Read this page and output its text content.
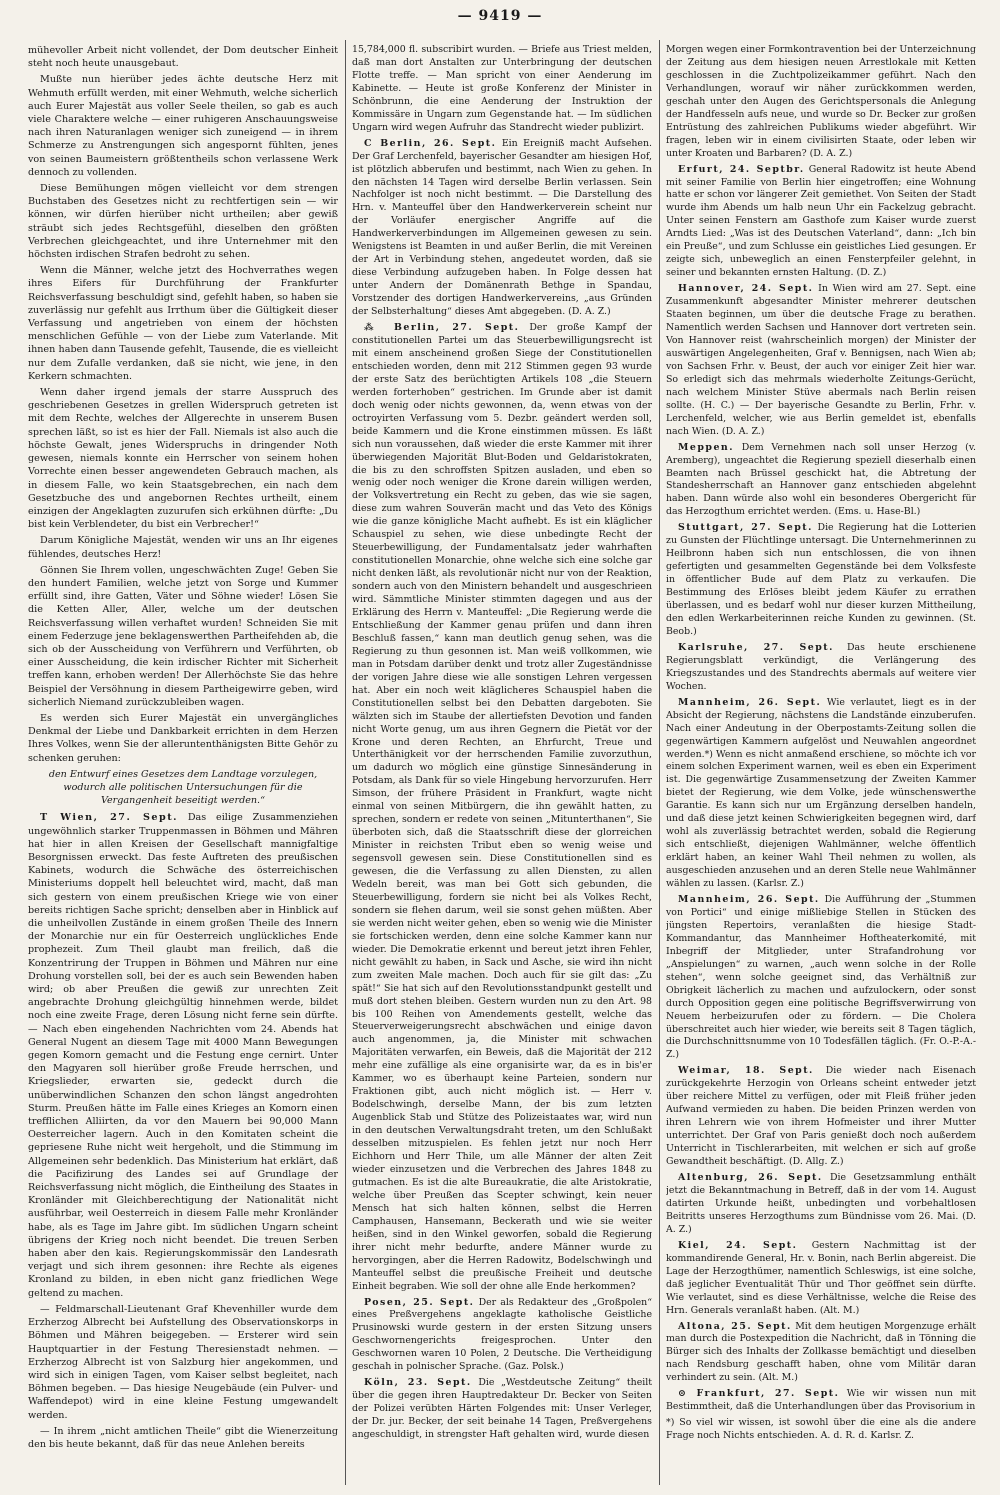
— 9419 —

mühevoller Arbeit nicht vollendet, der Dom deutscher Einheit steht noch heute unausgebaut.

Mußte nun hierüber jedes ächte deutsche Herz mit Wehmuth erfüllt werden, mit einer Wehmuth, welche sicherlich auch Eurer Majestät aus voller Seele theilen, so gab es auch viele Charaktere welche — einer ruhigeren Anschauungsweise nach ihren Naturanlagen weniger sich zuneigend — in ihrem Schmerze zu Anstrengungen sich angespornt fühlten, jenes von seinen Baumeistern größtentheils schon verlassene Werk dennoch zu vollenden.

Diese Bemühungen mögen vielleicht vor dem strengen Buchstaben des Gesetzes nicht zu rechtfertigen sein — wir können, wir dürfen hierüber nicht urtheilen; aber gewiß sträubt sich jedes Rechtsgefühl, dieselben den größten Verbrechen gleichgeachtet, und ihre Unternehmer mit den höchsten irdischen Strafen bedroht zu sehen.

Wenn die Männer, welche jetzt des Hochverrathes wegen ihres Eifers für Durchführung der Frankfurter Reichsverfassung beschuldigt sind, gefehlt haben, so haben sie zuverlässig nur gefehlt aus Irrthum über die Gültigkeit dieser Verfassung und angetrieben von einem der höchsten menschlichen Gefühle — von der Liebe zum Vaterlande. Mit ihnen haben dann Tausende gefehlt, Tausende, die es vielleicht nur dem Zufalle verdanken, daß sie nicht, wie jene, in den Kerkern schmachten.

Wenn daher irgend jemals der starre Ausspruch des geschriebenen Gesetzes in grellen Widerspruch getreten ist mit dem Rechte, welches der Allgerechte in unserem Busen sprechen läßt, so ist es hier der Fall. Niemals ist also auch die höchste Gewalt, jenes Widerspruchs in dringender Noth gewesen, niemals konnte ein Herrscher von seinem hohen Vorrechte einen besser angewendeten Gebrauch machen, als in diesem Falle, wo kein Staatsgebrechen, ein nach dem Gesetzbuche des und angebornen Rechtes urtheilt, einem einzigen der Angeklagten zuzurufen sich erkühnen dürfte: „Du bist kein Verblendeter, du bist ein Verbrecher!“

Darum Königliche Majestät, wenden wir uns an Ihr eigenes fühlendes, deutsches Herz!

Gönnen Sie Ihrem vollen, ungeschwächten Zuge! Geben Sie den hundert Familien, welche jetzt von Sorge und Kummer erfüllt sind, ihre Gatten, Väter und Söhne wieder! Lösen Sie die Ketten Aller, Aller, welche um der deutschen Reichsverfassung willen verhaftet wurden! Schneiden Sie mit einem Federzuge jene beklagenswerthen Partheifehden ab, die sich ob der Ausscheidung von Verführern und Verführten, ob einer Ausscheidung, die kein irdischer Richter mit Sicherheit treffen kann, erhoben werden! Der Allerhöchste Sie das hehre Beispiel der Versöhnung in diesem Partheigewirre geben, wird sicherlich Niemand zurückzubleiben wagen.

Es werden sich Eurer Majestät ein unvergängliches Denkmal der Liebe und Dankbarkeit errichten in dem Herzen Ihres Volkes, wenn Sie der alleruntenthänigsten Bitte Gehör zu schenken geruhen:

den Entwurf eines Gesetzes dem Landtage vorzulegen, wodurch alle politischen Untersuchungen für die Vergangenheit beseitigt werden.“

T Wien, 27. Sept. Das eilige Zusammenziehen ungewöhnlich starker Truppenmassen in Böhmen und Mähren hat hier in allen Kreisen der Gesellschaft mannigfaltige Besorgnissen erweckt. Das feste Auftreten des preußischen Kabinets, wodurch die Schwäche des österreichischen Ministeriums doppelt hell beleuchtet wird, macht, daß man sich gestern von einem preußischen Kriege wie von einer bereits richtigen Sache spricht; denselben aber in Hinblick auf die unheilvollen Zustände in einem großen Theile des Innern der Monarchie nur ein für Oesterreich unglückliches Ende prophezeit. Zum Theil glaubt man freilich, daß die Konzentrirung der Truppen in Böhmen und Mähren nur eine Drohung vorstellen soll, bei der es auch sein Bewenden haben wird; ob aber Preußen die gewiß zur unrechten Zeit angebrachte Drohung gleichgültig hinnehmen werde, bildet noch eine zweite Frage, deren Lösung nicht ferne sein dürfte. — Nach eben eingehenden Nachrichten vom 24. Abends hat General Nugent an diesem Tage mit 4000 Mann Bewegungen gegen Komorn gemacht und die Festung enge cernirt. Unter den Magyaren soll hierüber große Freude herrschen, und Kriegslieder, erwarten sie, gedeckt durch die unüberwindlichen Schanzen den schon längst angedrohten Sturm. Preußen hätte im Falle eines Krieges an Komorn einen trefflichen Alliirten, da vor den Mauern bei 90,000 Mann Oesterreicher lagern. Auch in den Komitaten scheint die gepriesene Ruhe nicht weit hergeholt, und die Stimmung im Allgemeinen sehr bedenklich. Das Ministerium hat erklärt, daß die Pacifizirung des Landes sei auf Grundlage der Reichsverfassung nicht möglich, die Eintheilung des Staates in Kronländer mit Gleichberechtigung der Nationalität nicht ausführbar, weil Oesterreich in diesem Falle mehr Kronländer habe, als es Tage im Jahre gibt. Im südlichen Ungarn scheint übrigens der Krieg noch nicht beendet. Die treuen Serben haben aber den kais. Regierungskommissär den Landesrath verjagt und sich ihrem gesonnen: ihre Rechte als eigenes Kronland zu bilden, in eben nicht ganz friedlichen Wege geltend zu machen.

— Feldmarschall-Lieutenant Graf Khevenhiller wurde dem Erzherzog Albrecht bei Aufstellung des Observationskorps in Böhmen und Mähren beigegeben. — Ersterer wird sein Hauptquartier in der Festung Theresienstadt nehmen. — Erzherzog Albrecht ist von Salzburg hier angekommen, und wird sich in einigen Tagen, vom Kaiser selbst begleitet, nach Böhmen begeben. — Das hiesige Neugebäude (ein Pulver- und Waffendepot) wird in eine kleine Festung umgewandelt werden.

— In ihrem „nicht amtlichen Theile“ gibt die Wienerzeitung den bis heute bekannt, daß für das neue Anlehen bereits

15,784,000 fl. subscribirt wurden. — Briefe aus Triest melden, daß man dort Anstalten zur Unterbringung der deutschen Flotte treffe. — Man spricht von einer Aenderung im Kabinette. — Heute ist große Konferenz der Minister in Schönbrunn, die eine Aenderung der Instruktion der Kommissäre in Ungarn zum Gegenstande hat. — Im südlichen Ungarn wird wegen Aufruhr das Standrecht wieder publizirt.

C Berlin, 26. Sept. Ein Ereigniß macht Aufsehen. Der Graf Lerchenfeld, bayerischer Gesandter am hiesigen Hof, ist plötzlich abberufen und bestimmt, nach Wien zu gehen. In den nächsten 14 Tagen wird derselbe Berlin verlassen. Sein Nachfolger ist noch nicht bestimmt. — Die Darstellung des Hrn. v. Manteuffel über den Handwerkerverein scheint nur der Vorläufer energischer Angriffe auf die Handwerkerverbindungen im Allgemeinen gewesen zu sein. Wenigstens ist Beamten in und außer Berlin, die mit Vereinen der Art in Verbindung stehen, angedeutet worden, daß sie diese Verbindung aufzugeben haben. In Folge dessen hat unter Andern der Domänenrath Bethge in Spandau, Vorstzender des dortigen Handwerkervereins, „aus Gründen der Selbsterhaltung“ dieses Amt abgegeben. (D. A. Z.)

⁂ Berlin, 27. Sept. Der große Kampf der constitutionellen Partei um das Steuerbewilligungsrecht ist mit einem anscheinend großen Siege der Constitutionellen entschieden worden, denn mit 212 Stimmen gegen 93 wurde der erste Satz des berüchtigten Artikels 108 „die Steuern werden forterhoben“ gestrichen. Im Grunde aber ist damit doch wenig oder nichts gewonnen, da, wenn etwas von der octroyirten Verfassung vom 5. Dezbr. geändert werden soll, beide Kammern und die Krone einstimmen müssen. Es läßt sich nun voraussehen, daß wieder die erste Kammer mit ihrer überwiegenden Majorität Blut-Boden und Geldaristokraten, die bis zu den schroffsten Spitzen ausladen, und eben so wenig oder noch weniger die Krone darein willigen werden, der Volksvertretung ein Recht zu geben, das wie sie sagen, diese zum wahren Souverän macht und das Veto des Königs wie die ganze königliche Macht aufhebt. Es ist ein kläglicher Schauspiel zu sehen, wie diese unbedingte Recht der Steuerbewilligung, der Fundamentalsatz jeder wahrhaften constitutionellen Monarchie, ohne welche sich eine solche gar nicht denken läßt, als revolutionär nicht nur von der Reaktion, sondern auch von den Ministern behandelt und ausgeschrieen wird. Sämmtliche Minister stimmten dagegen und aus der Erklärung des Herrn v. Manteuffel: „Die Regierung werde die Entschließung der Kammer genau prüfen und dann ihren Beschluß fassen,“ kann man deutlich genug sehen, was die Regierung zu thun gesonnen ist. Man weiß vollkommen, wie man in Potsdam darüber denkt und trotz aller Zugeständnisse der vorigen Jahre diese wie alle sonstigen Lehren vergessen hat. Aber ein noch weit kläglicheres Schauspiel haben die Constitutionellen selbst bei den Debatten dargeboten. Sie wälzten sich im Staube der allertiefsten Devotion und fanden nicht Worte genug, um aus ihren Gegnern die Pietät vor der Krone und deren Rechten, an Ehrfurcht, Treue und Unterthänigkeit vor der herrschenden Familie zuvorzuthun, um dadurch wo möglich eine günstige Sinnesänderung in Potsdam, als Dank für so viele Hingebung hervorzurufen. Herr Simson, der frühere Präsident in Frankfurt, wagte nicht einmal von seinen Mitbürgern, die ihn gewählt hatten, zu sprechen, sondern er redete von seinen „Mitunterthanen“, Sie überboten sich, daß die Staatsschrift diese der glorreichen Minister in reichsten Tribut eben so wenig weise und segensvoll gewesen sein. Diese Constitutionellen sind es gewesen, die die Verfassung zu allen Diensten, zu allen Wedeln bereit, was man bei Gott sich gebunden, die Steuerbewilligung, fordern sie nicht bei als Volkes Recht, sondern sie flehen darum, weil sie sonst gehen müßten. Aber sie werden nicht weiter gehen, eben so wenig wie die Minister sie fortschicken werden, denn eine solche Kammer kann nur wieder. Die Demokratie erkennt und bereut jetzt ihren Fehler, nicht gewählt zu haben, in Sack und Asche, sie wird ihn nicht zum zweiten Male machen. Doch auch für sie gilt das: „Zu spät!“ Sie hat sich auf den Revolutionsstandpunkt gestellt und muß dort stehen bleiben. Gestern wurden nun zu den Art. 98 bis 100 Reihen von Amendements gestellt, welche das Steuerverweigerungsrecht abschwächen und einige davon auch angenommen, ja, die Minister mit schwachen Majoritäten verwarfen, ein Beweis, daß die Majorität der 212 mehr eine zufällige als eine organisirte war, da es in bis'er Kammer, wo es überhaupt keine Parteien, sondern nur Fraktionen gibt, auch nicht möglich ist. — Herr v. Bodelschwingh, derselbe Mann, der bis zum letzten Augenblick Stab und Stütze des Polizeistaates war, wird nun in den deutschen Verwaltungsdraht treten, um den Schlußakt desselben mitzuspielen. Es fehlen jetzt nur noch Herr Eichhorn und Herr Thile, um alle Männer der alten Zeit wieder einzusetzen und die Verbrechen des Jahres 1848 zu gutmachen. Es ist die alte Bureaukratie, die alte Aristokratie, welche über Preußen das Scepter schwingt, kein neuer Mensch hat sich halten können, selbst die Herren Camphausen, Hansemann, Beckerath und wie sie weiter heißen, sind in den Winkel geworfen, sobald die Regierung ihrer nicht mehr bedurfte, andere Männer wurde zu hervorgingen, aber die Herren Radowitz, Bodelschwingh und Manteuffel selbst die preußische Freiheit und deutsche Einheit begraben. Wie soll der ohne alle Ende herkommen?

Posen, 25. Sept. Der als Redakteur des „Großpolen“ eines Preßvergehens angeklagte katholische Geistliche Prusinowski wurde gestern in der ersten Sitzung unsers Geschwornengerichts freigesprochen. Unter den Geschwornen waren 10 Polen, 2 Deutsche. Die Vertheidigung geschah in polnischer Sprache. (Gaz. Polsk.)

Köln, 23. Sept. Die „Westdeutsche Zeitung“ theilt über die gegen ihren Hauptredakteur Dr. Becker von Seiten der Polizei verübten Härten Folgendes mit: Unser Verleger, der Dr. jur. Becker, der seit beinahe 14 Tagen, Preßvergehens angeschuldigt, in strengster Haft gehalten wird, wurde diesen

Morgen wegen einer Formkontravention bei der Unterzeichnung der Zeitung aus dem hiesigen neuen Arrestlokale mit Ketten geschlossen in die Zuchtpolizeikammer geführt. Nach den Verhandlungen, worauf wir näher zurückkommen werden, geschah unter den Augen des Gerichtspersonals die Anlegung der Handfesseln aufs neue, und wurde so Dr. Becker zur großen Entrüstung des zahlreichen Publikums wieder abgeführt. Wir fragen, leben wir in einem civilisirten Staate, oder leben wir unter Kroaten und Barbaren? (D. A. Z.)

Erfurt, 24. Septbr. General Radowitz ist heute Abend mit seiner Familie von Berlin hier eingetroffen; eine Wohnung hatte er schon vor längerer Zeit gemiethet. Von Seiten der Stadt wurde ihm Abends um halb neun Uhr ein Fackelzug gebracht. Unter seinen Fenstern am Gasthofe zum Kaiser wurde zuerst Arndts Lied: „Was ist des Deutschen Vaterland“, dann: „Ich bin ein Preuße“, und zum Schlusse ein geistliches Lied gesungen. Er zeigte sich, unbeweglich an einen Fensterpfeiler gelehnt, in seiner und bekannten ernsten Haltung. (D. Z.)

Hannover, 24. Sept. In Wien wird am 27. Sept. eine Zusammenkunft abgesandter Minister mehrerer deutschen Staaten beginnen, um über die deutsche Frage zu berathen. Namentlich werden Sachsen und Hannover dort vertreten sein. Von Hannover reist (wahrscheinlich morgen) der Minister der auswärtigen Angelegenheiten, Graf v. Bennigsen, nach Wien ab; von Sachsen Frhr. v. Beust, der auch vor einiger Zeit hier war. So erledigt sich das mehrmals wiederholte Zeitungs-Gerücht, nach welchem Minister Stüve abermals nach Berlin reisen sollte. (H. C.) — Der bayerische Gesandte zu Berlin, Frhr. v. Lerchenfeld, welcher, wie aus Berlin gemeldet ist, ebenfalls nach Wien. (D. A. Z.)

Meppen. Dem Vernehmen nach soll unser Herzog (v. Aremberg), ungeachtet die Regierung speziell dieserhalb einen Beamten nach Brüssel geschickt hat, die Abtretung der Standesherrschaft an Hannover ganz entschieden abgelehnt haben. Dann würde also wohl ein besonderes Obergericht für das Herzogthum errichtet werden. (Ems. u. Hase-Bl.)

Stuttgart, 27. Sept. Die Regierung hat die Lotterien zu Gunsten der Flüchtlinge untersagt. Die Unternehmerinnen zu Heilbronn haben sich nun entschlossen, die von ihnen gefertigten und gesammelten Gegenstände bei dem Volksfeste in öffentlicher Bude auf dem Platz zu verkaufen. Die Bestimmung des Erlöses bleibt jedem Käufer zu errathen überlassen, und es bedarf wohl nur dieser kurzen Mittheilung, den edlen Werkarbeiterinnen reiche Kunden zu gewinnen. (St. Beob.)

Karlsruhe, 27. Sept. Das heute erschienene Regierungsblatt verkündigt, die Verlängerung des Kriegszustandes und des Standrechts abermals auf weitere vier Wochen.

Mannheim, 26. Sept. Wie verlautet, liegt es in der Absicht der Regierung, nächstens die Landstände einzuberufen. Nach einer Andeutung in der Oberpostamts-Zeitung sollen die gegenwärtigen Kammern aufgelöst und Neuwahlen angeordnet werden.*) Wenn es nicht anmaßend erschiene, so möchte ich vor einem solchen Experiment warnen, weil es eben ein Experiment ist. Die gegenwärtige Zusammensetzung der Zweiten Kammer bietet der Regierung, wie dem Volke, jede wünschenswerthe Garantie. Es kann sich nur um Ergänzung derselben handeln, und daß diese jetzt keinen Schwierigkeiten begegnen wird, darf wohl als zuverlässig betrachtet werden, sobald die Regierung sich entschließt, diejenigen Wahlmänner, welche öffentlich erklärt haben, an keiner Wahl Theil nehmen zu wollen, als ausgeschieden anzusehen und an deren Stelle neue Wahlmänner wählen zu lassen. (Karlsr. Z.)

Mannheim, 26. Sept. Die Aufführung der „Stummen von Portici“ und einige mißliebige Stellen in Stücken des jüngsten Repertoirs, veranlaßten die hiesige Stadt-Kommandantur, das Mannheimer Hoftheaterkomité, mit Inbegriff der Mitglieder, unter Strafandrohung vor „Anspielungen“ zu warnen, „auch wenn solche in der Rolle stehen“, wenn solche geeignet sind, das Verhältniß zur Obrigkeit lächerlich zu machen und aufzulockern, oder sonst durch Opposition gegen eine politische Begriffsverwirrung von Neuem herbeizurufen oder zu fördern. — Die Cholera überschreitet auch hier wieder, wie bereits seit 8 Tagen täglich, die Durchschnittsnumme von 10 Todesfällen täglich. (Fr. O.-P.-A.-Z.)

Weimar, 18. Sept. Die wieder nach Eisenach zurückgekehrte Herzogin von Orleans scheint entweder jetzt über reichere Mittel zu verfügen, oder mit Fleiß früher jeden Aufwand vermieden zu haben. Die beiden Prinzen werden von ihren Lehrern wie von ihrem Hofmeister und ihrer Mutter unterrichtet. Der Graf von Paris genießt doch noch außerdem Unterricht in Tischlerarbeiten, mit welchen er sich auf große Gewandtheit beschäftigt. (D. Allg. Z.)

Altenburg, 26. Sept. Die Gesetzsammlung enthält jetzt die Bekanntmachung in Betreff, daß in der vom 14. August datirten Urkunde heißt, unbedingten und vorbehaltlosen Beitritts unseres Herzogthums zum Bündnisse vom 26. Mai. (D. A. Z.)

Kiel, 24. Sept. Gestern Nachmittag ist der kommandirende General, Hr. v. Bonin, nach Berlin abgereist. Die Lage der Herzogthümer, namentlich Schleswigs, ist eine solche, daß jeglicher Eventualität Thür und Thor geöffnet sein dürfte. Wie verlautet, sind es diese Verhältnisse, welche die Reise des Hrn. Generals veranlaßt haben. (Alt. M.)

Altona, 25. Sept. Mit dem heutigen Morgenzuge erhält man durch die Postexpedition die Nachricht, daß in Tönning die Bürger sich des Inhalts der Zollkasse bemächtigt und dieselben nach Rendsburg geschafft haben, ohne vom Militär daran verhindert zu sein. (Alt. M.)

⊙ Frankfurt, 27. Sept. Wie wir wissen nun mit Bestimmtheit, daß die Unterhandlungen über das Provisorium in

*) So viel wir wissen, ist sowohl über die eine als die andere Frage noch Nichts entschieden. A. d. R. d. Karlsr. Z.
